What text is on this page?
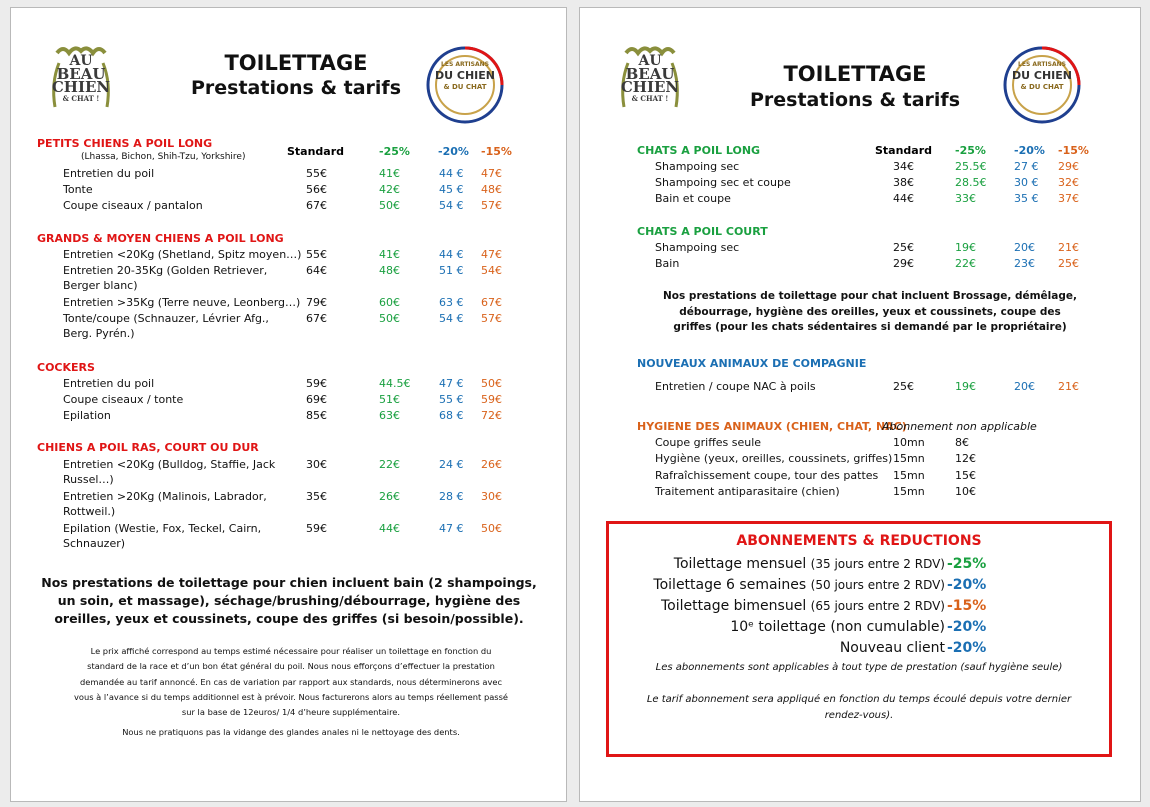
AU
BEAU
CHIEN
& CHAT !
TOILETTAGE
Prestations & tarifs
LES ARTISANS
DU CHIEN
& DU CHAT
PETITS CHIENS A POIL LONG
(Lhassa, Bichon, Shih-Tzu, Yorkshire)	Standard	-25%	-20% -15%
Entretien du poil	55€	41€	44 € 47€
Tonte	56€	42€	45 € 48€
Coupe ciseaux / pantalon	67€	50€	54 € 57€
GRANDS & MOYEN CHIENS A POIL LONG
Entretien <20Kg (Shetland, Spitz moyen…) 55€	41€	44 € 47€
Entretien 20-35Kg (Golden Retriever, Berger blanc)
64€	48€	51 € 54€
Entretien >35Kg (Terre neuve, Leonberg…) 79€	60€	63 € 67€
Tonte/coupe (Schnauzer, Lévrier Afg., Berg. Pyrén.)
67€	50€	54 € 57€
COCKERS
Entretien du poil	59€	44.5€	47 € 50€
Coupe ciseaux / tonte	69€	51€	55 € 59€
Epilation	85€	63€	68 € 72€
CHIENS A POIL RAS, COURT OU DUR
Entretien <20Kg (Bulldog, Staffie, Jack Russel…)
30€	22€	24 € 26€
Entretien >20Kg (Malinois, Labrador, Rottweil.)
35€	26€	28 € 30€
Epilation (Westie, Fox, Teckel, Cairn, Schnauzer)
59€	44€	47 € 50€
Nos prestations de toilettage pour chien incluent bain (2 shampoings, un soin, et massage), séchage/brushing/débourrage, hygiène des oreilles, yeux et coussinets, coupe des griffes (si besoin/possible).
Le prix affiché correspond au temps estimé nécessaire pour réaliser un toilettage en fonction du standard de la race et d’un bon état général du poil. Nous nous efforçons d’effectuer la prestation demandée au tarif annoncé. En cas de variation par rapport aux standards, nous déterminerons avec vous à l’avance si du temps additionnel est à prévoir. Nous facturerons alors au temps réellement passé sur la base de 12euros/ 1/4 d’heure supplémentaire.
Nous ne pratiquons pas la vidange des glandes anales ni le nettoyage des dents.
AU
BEAU
CHIEN
& CHAT !
TOILETTAGE
Prestations & tarifs
LES ARTISANS
DU CHIEN
& DU CHAT
CHATS A POIL LONG	Standard -25%	-20% -15%
Shampoing sec	34€	25.5€	27 € 29€
Shampoing sec et coupe	38€	28.5€	30 € 32€
Bain et coupe	44€	33€	35 € 37€
CHATS A POIL COURT
Shampoing sec	25€	19€	20€ 21€
Bain	29€	22€	23€ 25€
Nos prestations de toilettage pour chat incluent Brossage, démêlage, débourrage, hygiène des oreilles, yeux et coussinets, coupe des griffes (pour les chats sédentaires si demandé par le propriétaire)
NOUVEAUX ANIMAUX DE COMPAGNIE
Entretien / coupe NAC à poils	25€	19€	20€ 21€
HYGIENE DES ANIMAUX (CHIEN, CHAT, NAC)
Abonnement non applicable
Coupe griffes seule	10mn	8€
Hygiène (yeux, oreilles, coussinets, griffes) 15mn	12€
Rafraîchissement coupe, tour des pattes 15mn	15€
Traitement antiparasitaire (chien)	15mn	10€
ABONNEMENTS & REDUCTIONS
Toilettage mensuel (35 jours entre 2 RDV) -25%
Toilettage 6 semaines (50 jours entre 2 RDV) -20%
Toilettage bimensuel (65 jours entre 2 RDV) -15%
10ᵉ toilettage (non cumulable) -20%
Nouveau client -20%
Les abonnements sont applicables à tout type de prestation (sauf hygiène seule)
Le tarif abonnement sera appliqué en fonction du temps écoulé depuis votre dernier rendez-vous).
